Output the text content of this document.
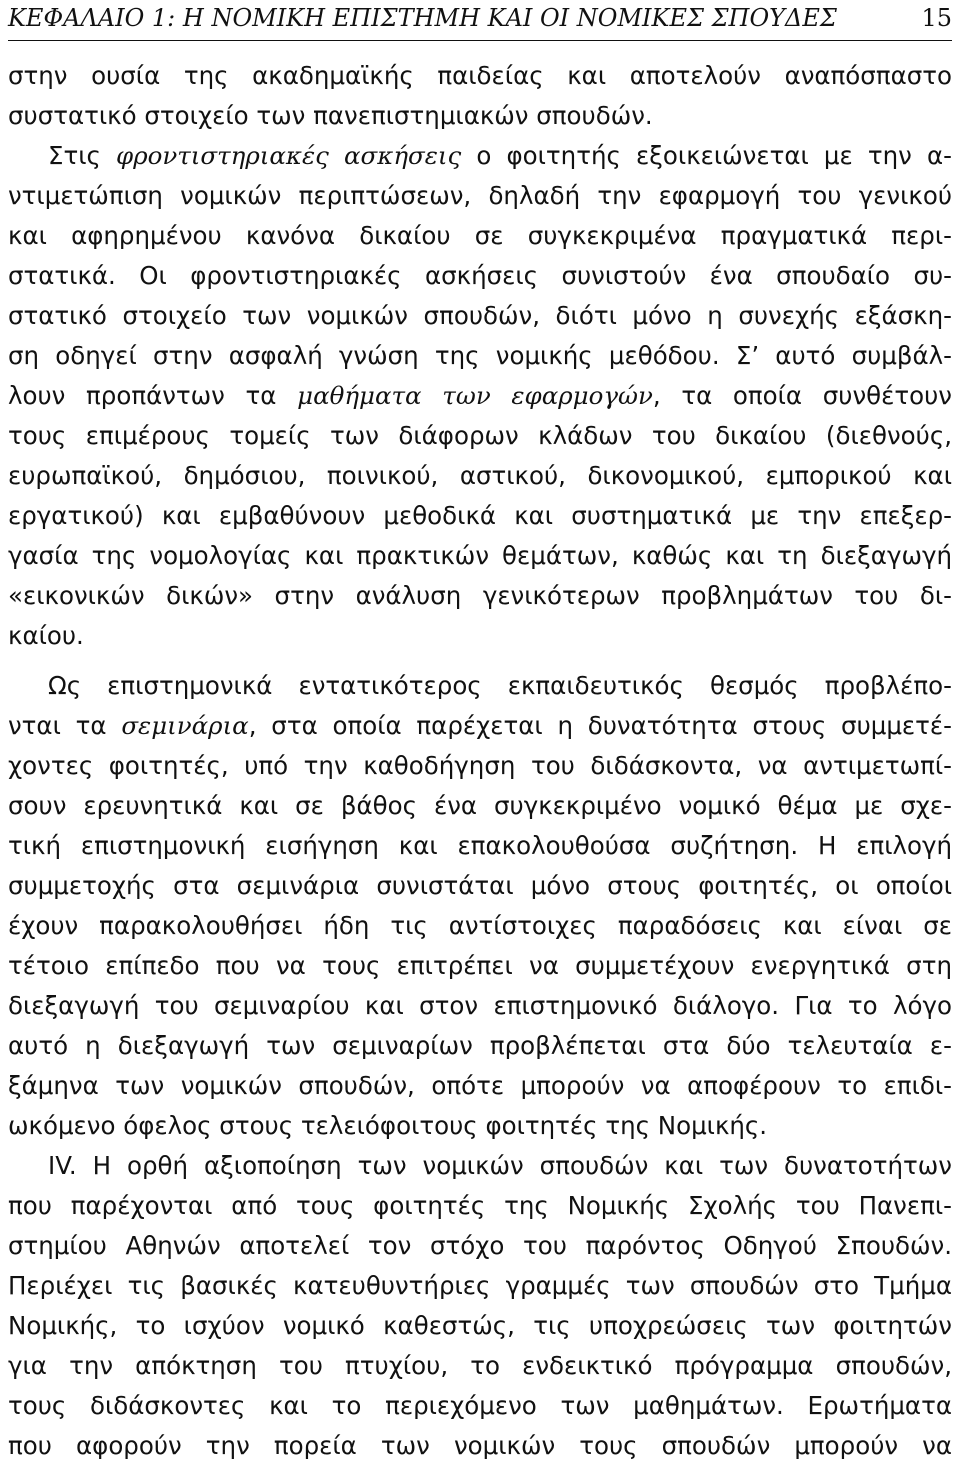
ΚΕΦΑΛΑΙΟ 1: Η ΝΟΜΙΚΗ ΕΠΙΣΤΗΜΗ ΚΑΙ ΟΙ ΝΟΜΙΚΕΣ ΣΠΟΥΔΕΣ	15
στην ουσία της ακαδημαϊκής παιδείας και αποτελούν αναπόσπαστο
συστατικό στοιχείο των πανεπιστημιακών σπουδών.
Στις φροντιστηριακές ασκήσεις ο φοιτητής εξοικειώνεται με την α-
ντιμετώπιση νομικών περιπτώσεων, δηλαδή την εφαρμογή του γενικού
και αφηρημένου κανόνα δικαίου σε συγκεκριμένα πραγματικά περι-
στατικά. Οι φροντιστηριακές ασκήσεις συνιστούν ένα σπουδαίο συ-
στατικό στοιχείο των νομικών σπουδών, διότι μόνο η συνεχής εξάσκη-
ση οδηγεί στην ασφαλή γνώση της νομικής μεθόδου. Σ’ αυτό συμβάλ-
λουν προπάντων τα μαθήματα των εφαρμογών, τα οποία συνθέτουν
τους επιμέρους τομείς των διάφορων κλάδων του δικαίου (διεθνούς,
ευρωπαϊκού, δημόσιου, ποινικού, αστικού, δικονομικού, εμπορικού και
εργατικού) και εμβαθύνουν μεθοδικά και συστηματικά με την επεξερ-
γασία της νομολογίας και πρακτικών θεμάτων, καθώς και τη διεξαγωγή
«εικονικών δικών» στην ανάλυση γενικότερων προβλημάτων του δι-
καίου.
Ως επιστημονικά εντατικότερος εκπαιδευτικός θεσμός προβλέπο-
νται τα σεμινάρια, στα οποία παρέχεται η δυνατότητα στους συμμετέ-
χοντες φοιτητές, υπό την καθοδήγηση του διδάσκοντα, να αντιμετωπί-
σουν ερευνητικά και σε βάθος ένα συγκεκριμένο νομικό θέμα με σχε-
τική επιστημονική εισήγηση και επακολουθούσα συζήτηση. Η επιλογή
συμμετοχής στα σεμινάρια συνιστάται μόνο στους φοιτητές, οι οποίοι
έχουν παρακολουθήσει ήδη τις αντίστοιχες παραδόσεις και είναι σε
τέτοιο επίπεδο που να τους επιτρέπει να συμμετέχουν ενεργητικά στη
διεξαγωγή του σεμιναρίου και στον επιστημονικό διάλογο. Για το λόγο
αυτό η διεξαγωγή των σεμιναρίων προβλέπεται στα δύο τελευταία ε-
ξάμηνα των νομικών σπουδών, οπότε μπορούν να αποφέρουν το επιδι-
ωκόμενο όφελος στους τελειόφοιτους φοιτητές της Νομικής.
IV. Η ορθή αξιοποίηση των νομικών σπουδών και των δυνατοτήτων
που παρέχονται από τους φοιτητές της Νομικής Σχολής του Πανεπι-
στημίου Αθηνών αποτελεί τον στόχο του παρόντος Οδηγού Σπουδών.
Περιέχει τις βασικές κατευθυντήριες γραμμές των σπουδών στο Τμήμα
Νομικής, το ισχύον νομικό καθεστώς, τις υποχρεώσεις των φοιτητών
για την απόκτηση του πτυχίου, το ενδεικτικό πρόγραμμα σπουδών,
τους διδάσκοντες και το περιεχόμενο των μαθημάτων. Ερωτήματα
που αφορούν την πορεία των νομικών τους σπουδών μπορούν να
